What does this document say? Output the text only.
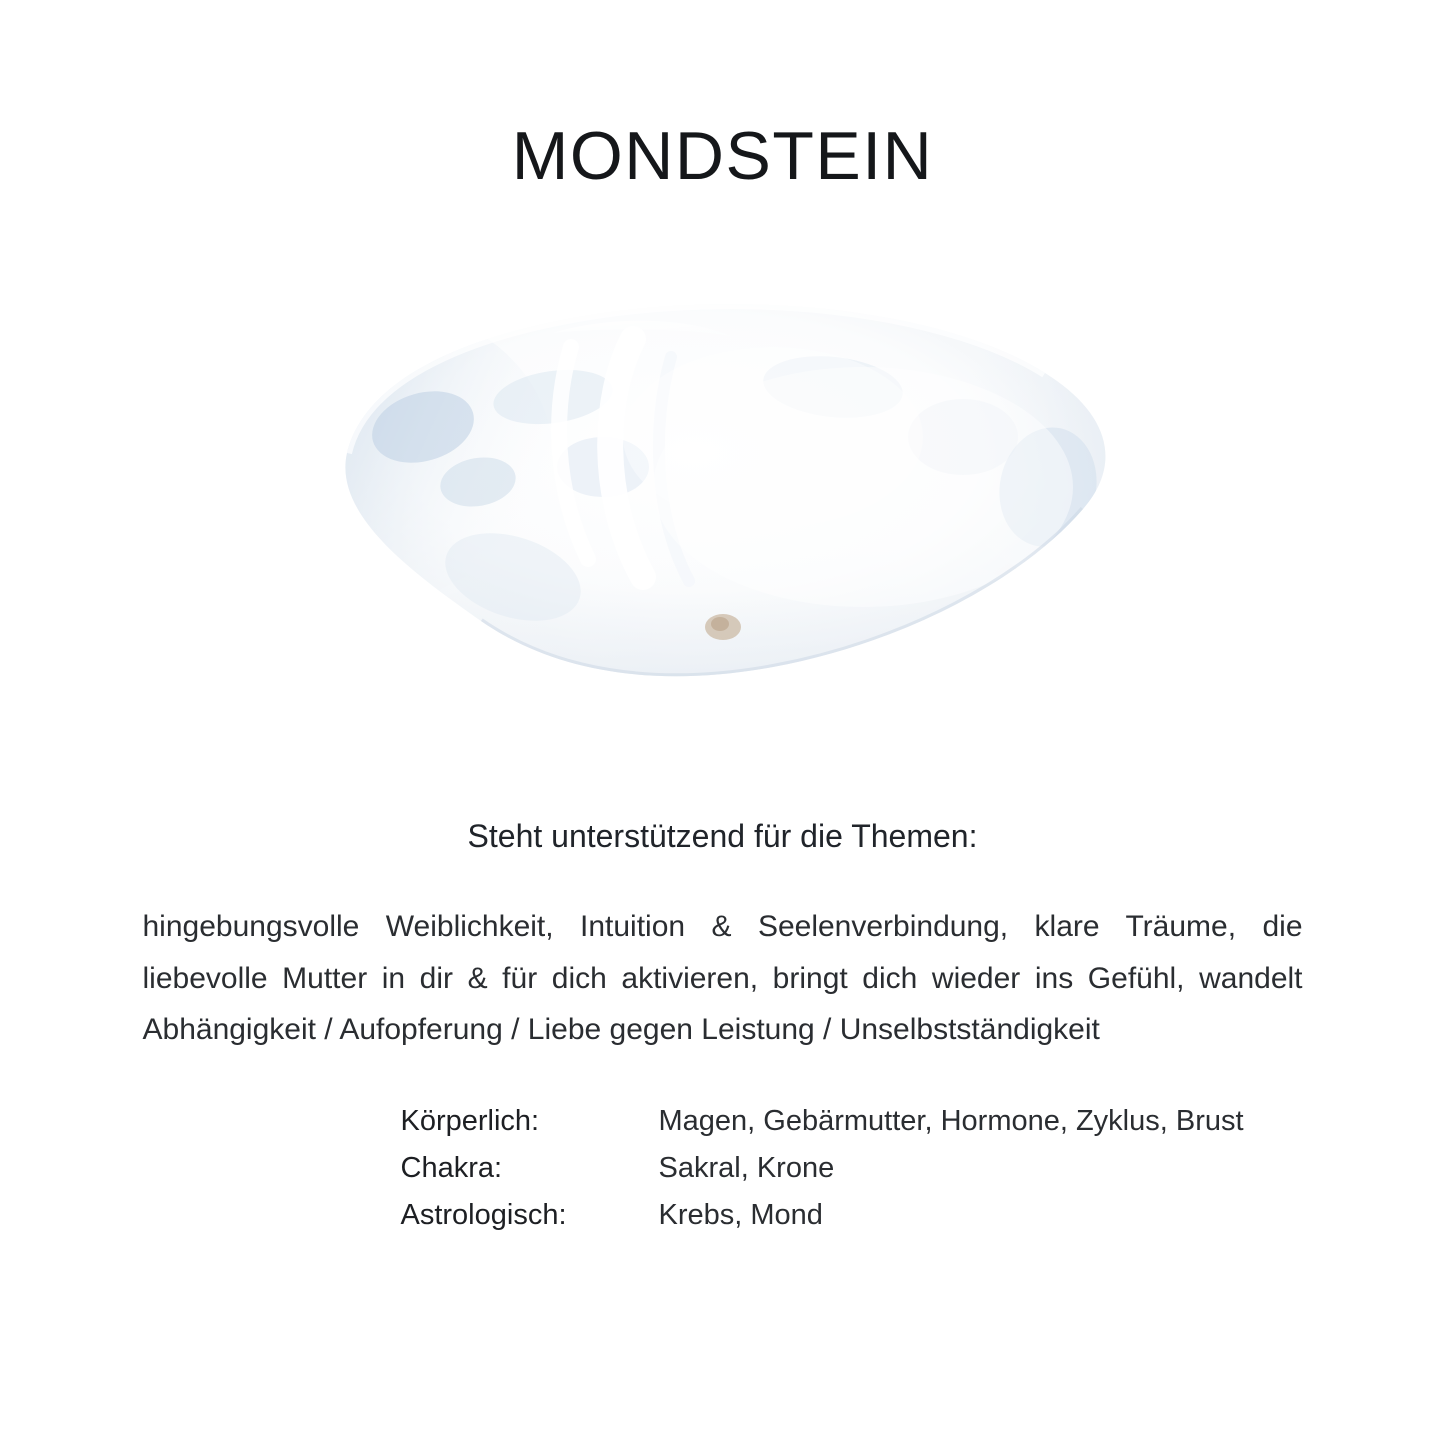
MONDSTEIN
Steht unterstützend für die Themen:

hingebungsvolle Weiblichkeit, Intuition & Seelenverbindung, klare Träume, die liebevolle Mutter in dir & für dich aktivieren, bringt dich wieder ins Gefühl, wandelt Abhängigkeit / Aufopferung / Liebe gegen Leistung / Unselbstständigkeit

Körperlich:	Magen, Gebärmutter, Hormone, Zyklus, Brust
Chakra:	Sakral, Krone
Astrologisch:	Krebs, Mond
